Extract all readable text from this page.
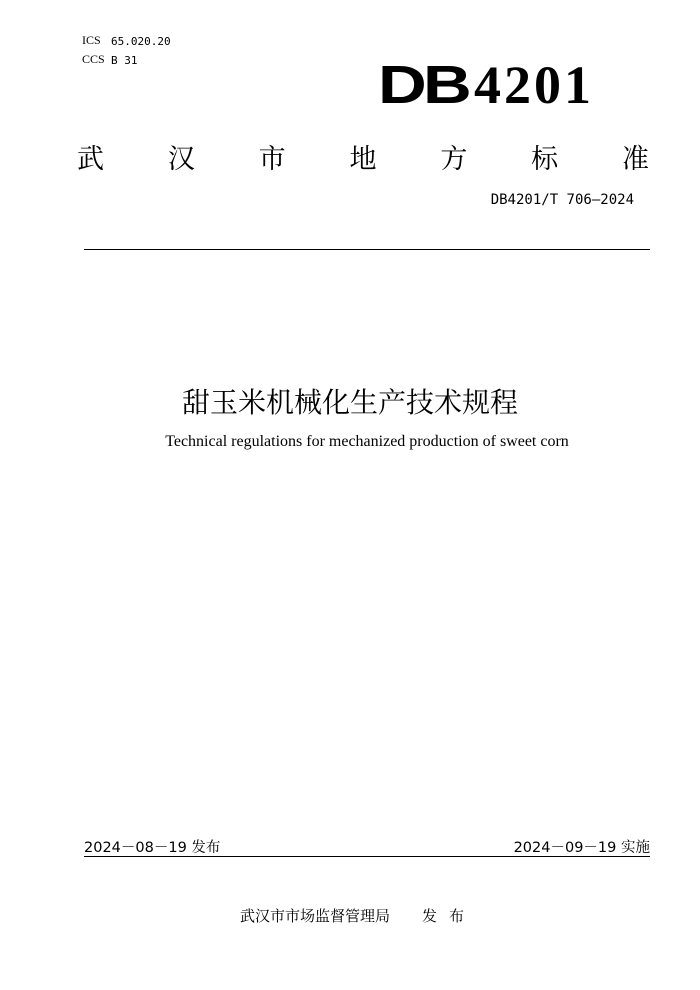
ICS 65.020.20
CCS B 31	DB 4201
武 汉 市 地 方 标 准
DB4201/T 706—2024
甜玉米机械化生产技术规程
Technical regulations for mechanized production of sweet corn
2024－08－19 发布	2024－09－19 实施
武汉市市场监督管理局 发布
